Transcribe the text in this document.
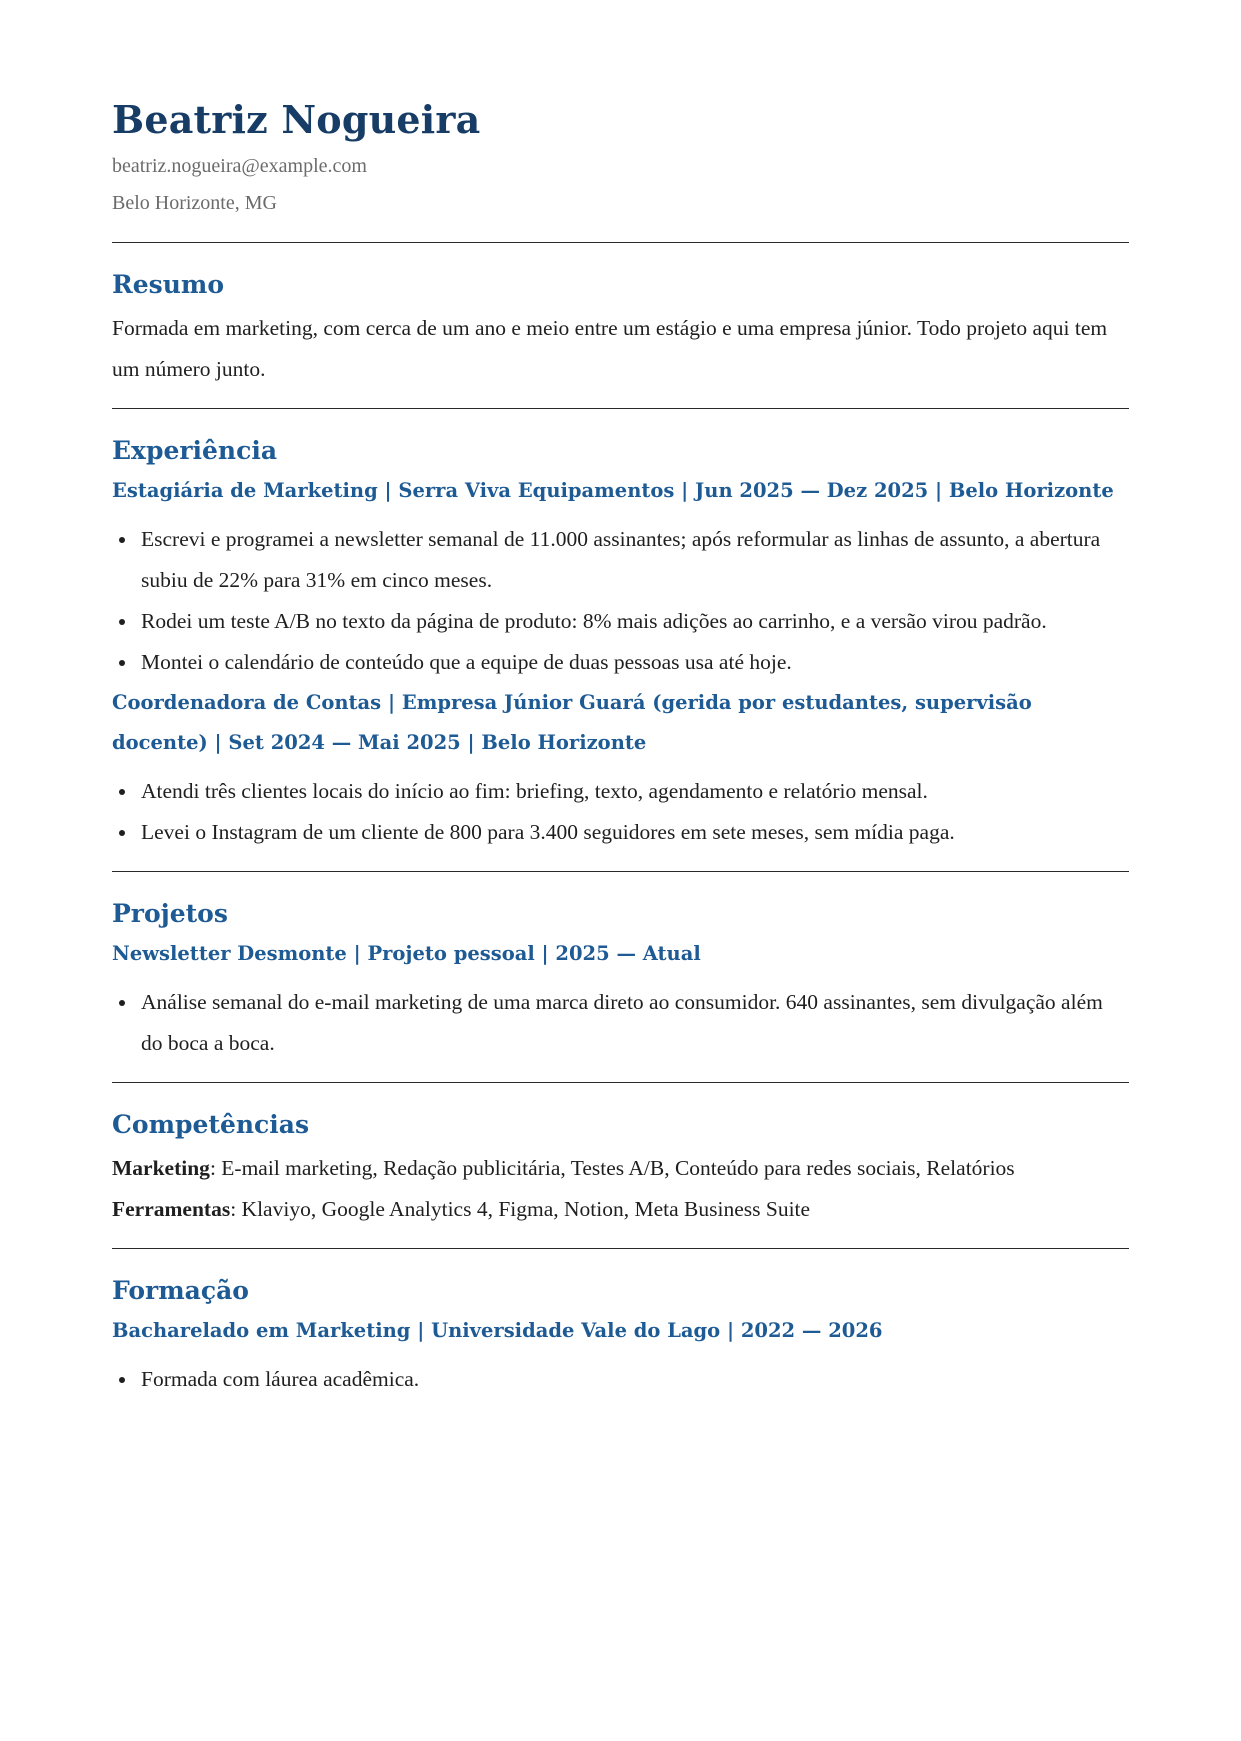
Beatriz Nogueira
beatriz.nogueira@example.com
Belo Horizonte, MG
Resumo

Formada em marketing, com cerca de um ano e meio entre um estágio e uma empresa júnior. Todo projeto aqui tem um número junto.

Experiência
Estagiária de Marketing | Serra Viva Equipamentos | Jun 2025 — Dez 2025 | Belo Horizonte
Escrevi e programei a newsletter semanal de 11.000 assinantes; após reformular as linhas de assunto, a abertura subiu de 22% para 31% em cinco meses.
Rodei um teste A/B no texto da página de produto: 8% mais adições ao carrinho, e a versão virou padrão.
Montei o calendário de conteúdo que a equipe de duas pessoas usa até hoje.
Coordenadora de Contas | Empresa Júnior Guará (gerida por estudantes, supervisão docente) | Set 2024 — Mai 2025 | Belo Horizonte
Atendi três clientes locais do início ao fim: briefing, texto, agendamento e relatório mensal.
Levei o Instagram de um cliente de 800 para 3.400 seguidores em sete meses, sem mídia paga.
Projetos
Newsletter Desmonte | Projeto pessoal | 2025 — Atual
Análise semanal do e-mail marketing de uma marca direto ao consumidor. 640 assinantes, sem divulgação além do boca a boca.
Competências
Marketing: E-mail marketing, Redação publicitária, Testes A/B, Conteúdo para redes sociais, Relatórios
Ferramentas: Klaviyo, Google Analytics 4, Figma, Notion, Meta Business Suite
Formação
Bacharelado em Marketing | Universidade Vale do Lago | 2022 — 2026
Formada com láurea acadêmica.
